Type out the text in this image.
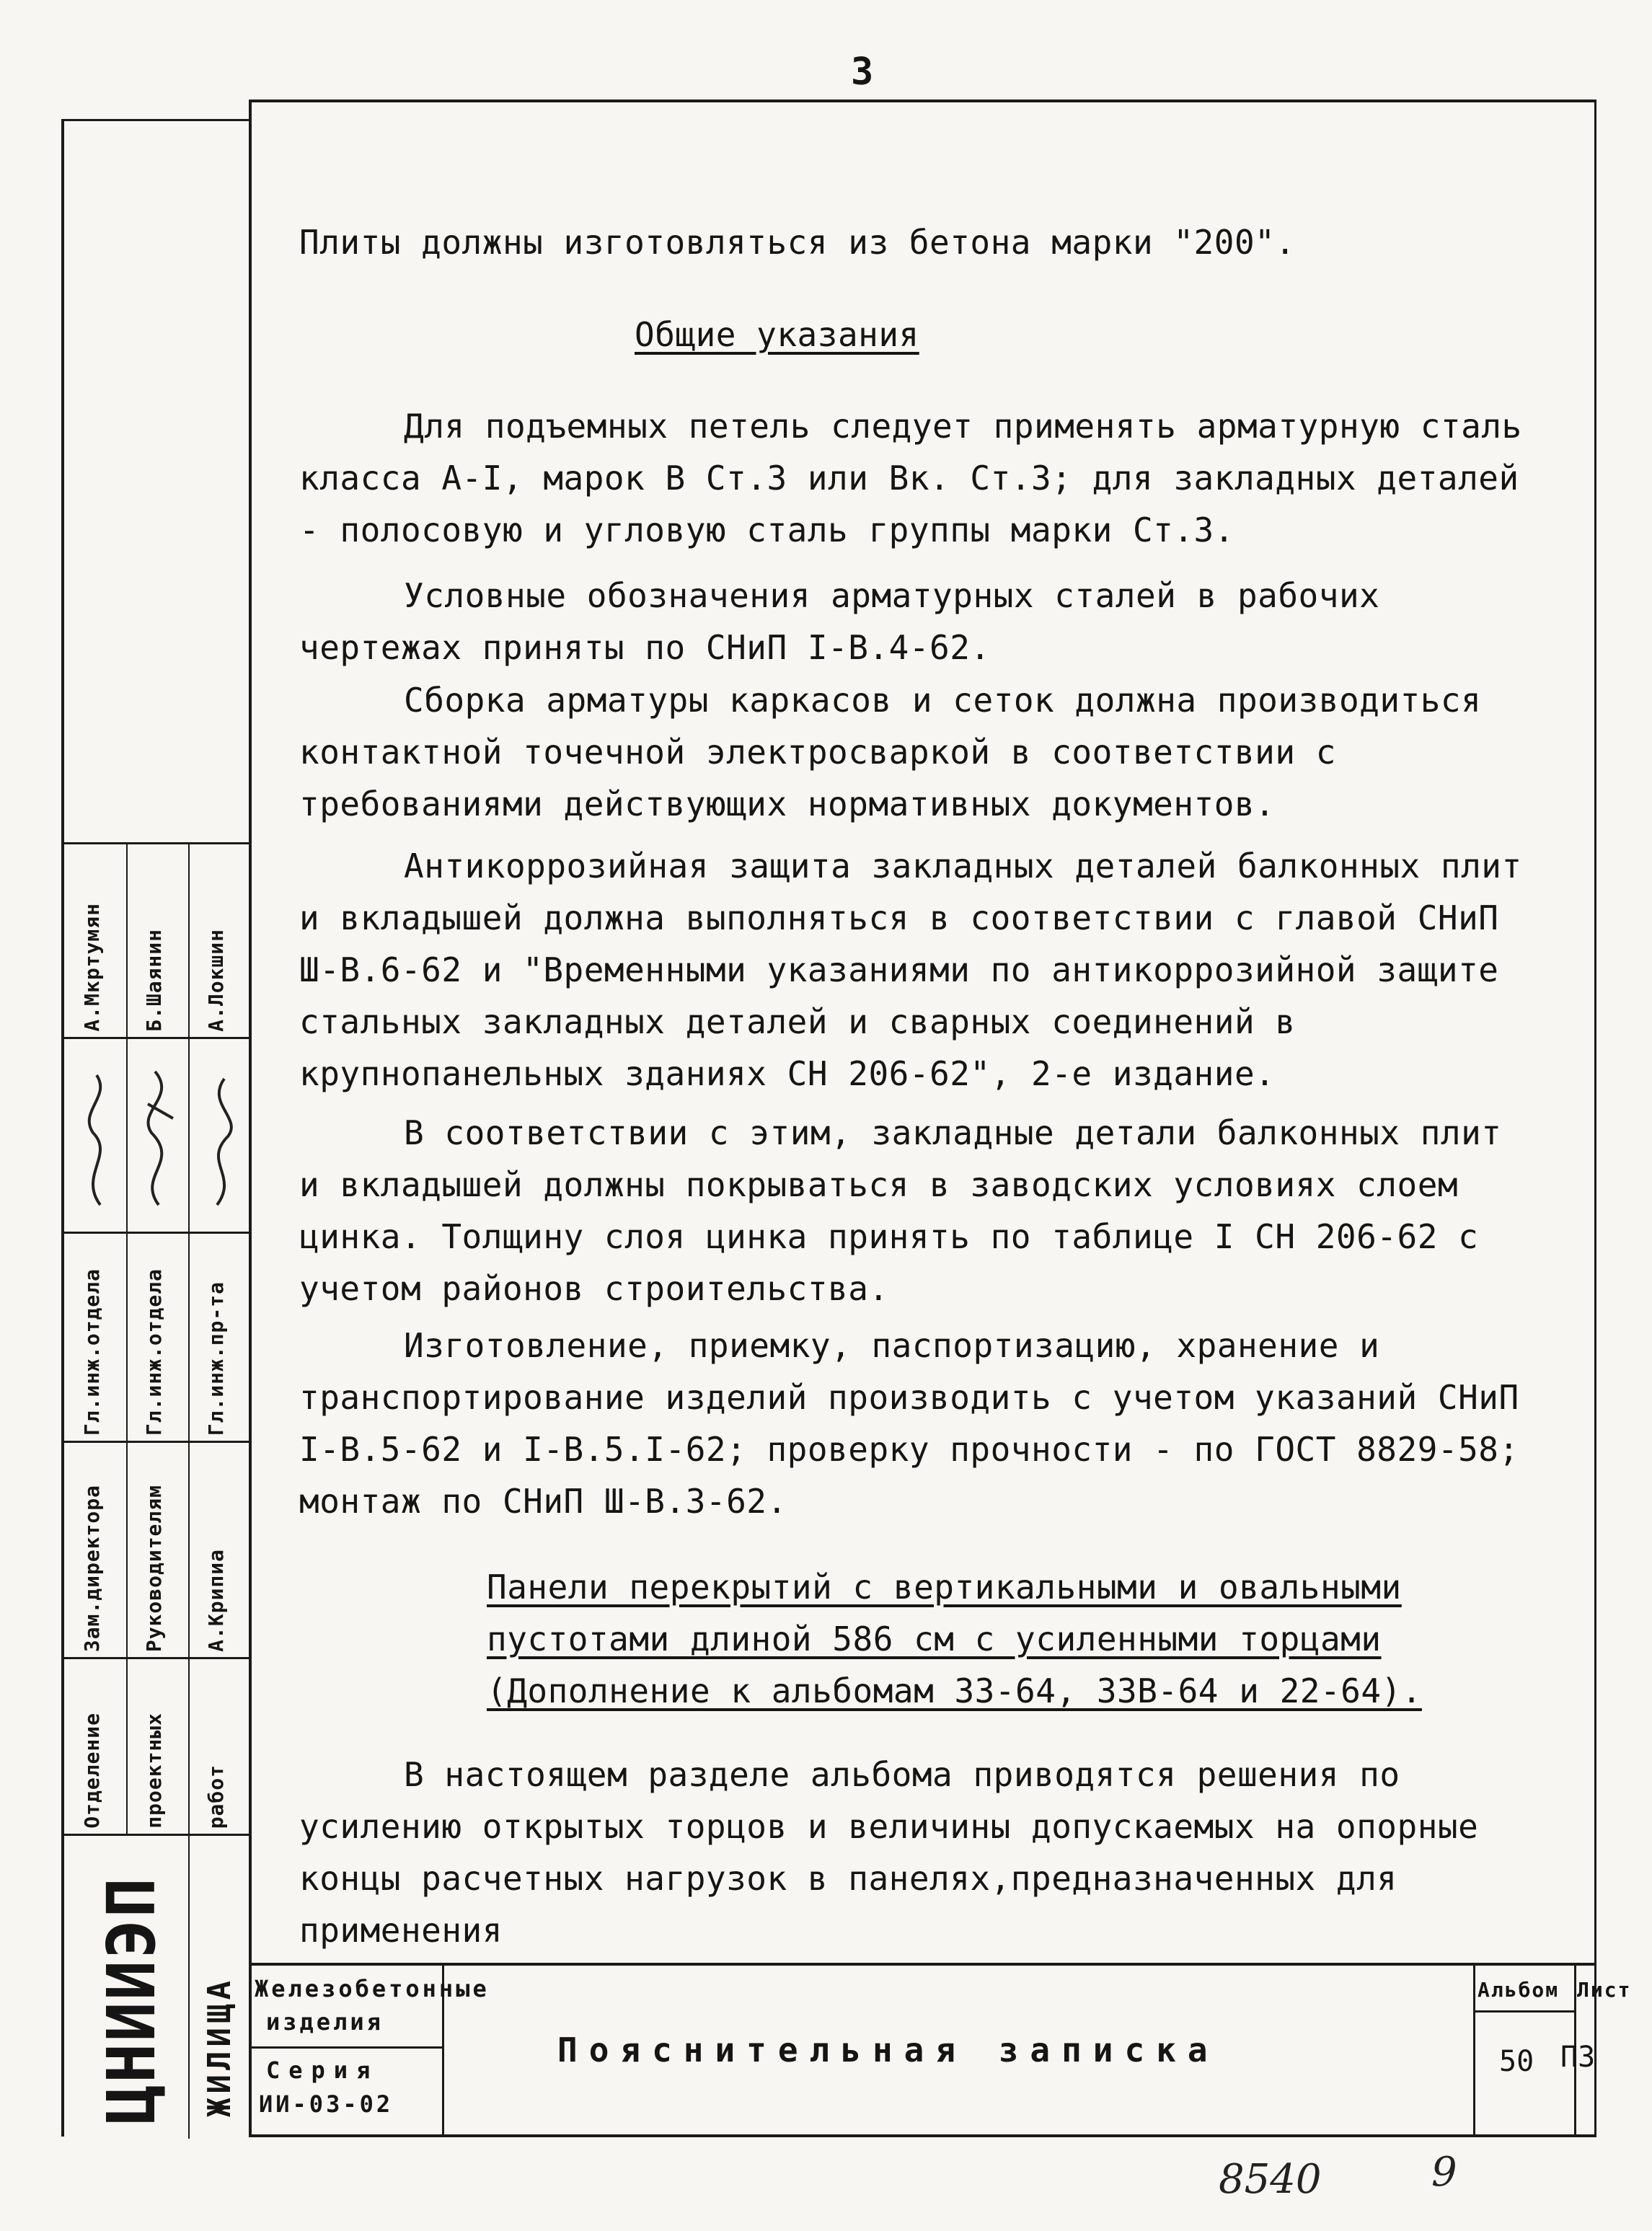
3

Плиты должны изготовляться из бетона марки "200".

Общие указания

Для подъемных петель следует применять арматурную сталь класса А-I, марок В Ст.3 или Вк. Ст.3; для закладных деталей - полосовую и угловую сталь группы марки Ст.3.

Условные обозначения арматурных сталей в рабочих чертежах приняты по СНиП I-В.4-62.

Сборка арматуры каркасов и сеток должна производиться контактной точечной электросваркой в соответствии с требованиями действующих нормативных документов.

Антикоррозийная защита закладных деталей балконных плит и вкладышей должна выполняться в соответствии с главой СНиП Ш-В.6-62 и "Временными указаниями по антикоррозийной защите стальных закладных деталей и сварных соединений в крупнопанельных зданиях СН 206-62", 2-е издание.

В соответствии с этим, закладные детали балконных плит и вкладышей должны покрываться в заводских условиях слоем цинка. Толщину слоя цинка принять по таблице I СН 206-62 с учетом районов строительства.

Изготовление, приемку, паспортизацию, хранение и транспортирование изделий производить с учетом указаний СНиП I-В.5-62 и I-В.5.I-62; проверку прочности - по ГОСТ 8829-58; монтаж по СНиП Ш-В.3-62.

Панели перекрытий с вертикальными и овальными пустотами длиной 586 см с усиленными торцами (Дополнение к альбомам 33-64, 33В-64 и 22-64).

В настоящем разделе альбома приводятся решения по усилению открытых торцов и величины допускаемых на опорные концы расчетных нагрузок в панелях,предназначенных для применения

А.Мкртумян Б.Шаянин А.Локшин
Гл.инж.отдела Гл.инж.отдела Гл.инж.пр-та
Зам.директора Руководителям А.Крипиа
Отделение проектных работ
ЦНИИЭП ЖИЛИЩА Железобетонные
изделия
Серия
ИИ-03-02
Пояснительная записка
Альбом
50
Лист
П3
8540	9
